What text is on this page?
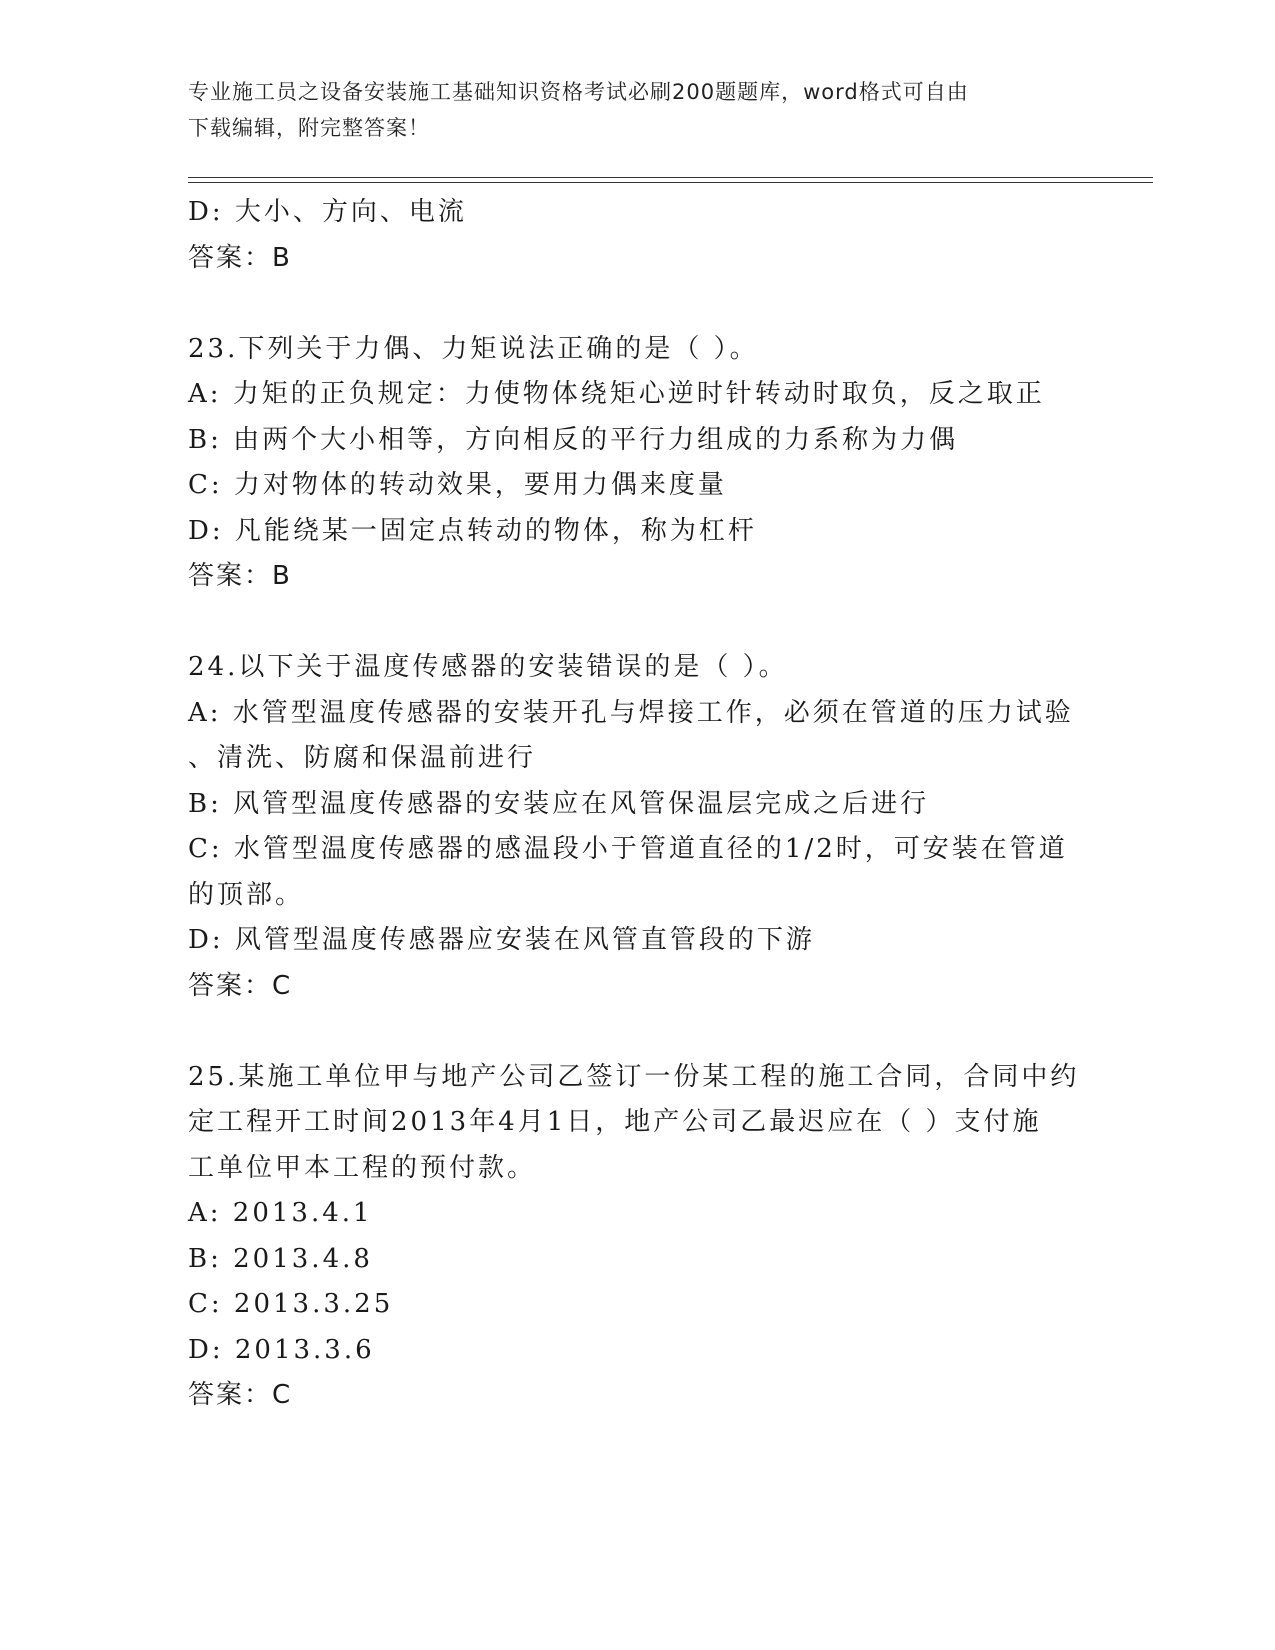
专业施工员之设备安装施工基础知识资格考试必刷200题题库，word格式可自由
下载编辑，附完整答案！
D: 大小、方向、电流
答案：B
23.下列关于力偶、力矩说法正确的是（ ）。
A: 力矩的正负规定：力使物体绕矩心逆时针转动时取负，反之取正
B: 由两个大小相等，方向相反的平行力组成的力系称为力偶
C: 力对物体的转动效果，要用力偶来度量
D: 凡能绕某一固定点转动的物体，称为杠杆
答案：B
24.以下关于温度传感器的安装错误的是（ ）。
A: 水管型温度传感器的安装开孔与焊接工作，必须在管道的压力试验
、清洗、防腐和保温前进行
B: 风管型温度传感器的安装应在风管保温层完成之后进行
C: 水管型温度传感器的感温段小于管道直径的1/2时，可安装在管道
的顶部。
D: 风管型温度传感器应安装在风管直管段的下游
答案：C
25.某施工单位甲与地产公司乙签订一份某工程的施工合同，合同中约
定工程开工时间2013年4月1日，地产公司乙最迟应在（ ）支付施
工单位甲本工程的预付款。
A: 2013.4.1
B: 2013.4.8
C: 2013.3.25
D: 2013.3.6
答案：C
